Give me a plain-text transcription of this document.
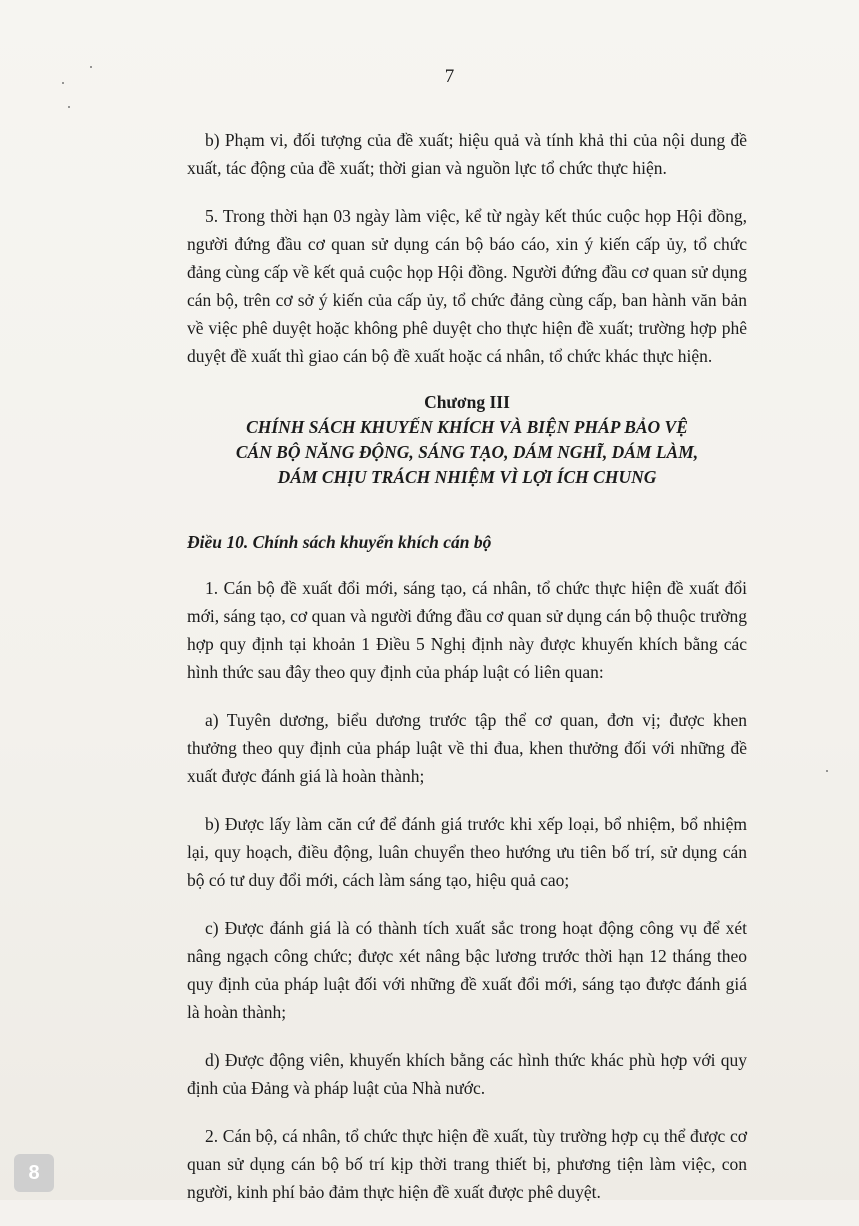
7

b) Phạm vi, đối tượng của đề xuất; hiệu quả và tính khả thi của nội dung đề xuất, tác động của đề xuất; thời gian và nguồn lực tổ chức thực hiện.

5. Trong thời hạn 03 ngày làm việc, kể từ ngày kết thúc cuộc họp Hội đồng, người đứng đầu cơ quan sử dụng cán bộ báo cáo, xin ý kiến cấp ủy, tổ chức đảng cùng cấp về kết quả cuộc họp Hội đồng. Người đứng đầu cơ quan sử dụng cán bộ, trên cơ sở ý kiến của cấp ủy, tổ chức đảng cùng cấp, ban hành văn bản về việc phê duyệt hoặc không phê duyệt cho thực hiện đề xuất; trường hợp phê duyệt đề xuất thì giao cán bộ đề xuất hoặc cá nhân, tổ chức khác thực hiện.

Chương III
CHÍNH SÁCH KHUYẾN KHÍCH VÀ BIỆN PHÁP BẢO VỆ
CÁN BỘ NĂNG ĐỘNG, SÁNG TẠO, DÁM NGHĨ, DÁM LÀM,
DÁM CHỊU TRÁCH NHIỆM VÌ LỢI ÍCH CHUNG
Điều 10. Chính sách khuyến khích cán bộ

1. Cán bộ đề xuất đổi mới, sáng tạo, cá nhân, tổ chức thực hiện đề xuất đổi mới, sáng tạo, cơ quan và người đứng đầu cơ quan sử dụng cán bộ thuộc trường hợp quy định tại khoản 1 Điều 5 Nghị định này được khuyến khích bằng các hình thức sau đây theo quy định của pháp luật có liên quan:

a) Tuyên dương, biểu dương trước tập thể cơ quan, đơn vị; được khen thưởng theo quy định của pháp luật về thi đua, khen thưởng đối với những đề xuất được đánh giá là hoàn thành;

b) Được lấy làm căn cứ để đánh giá trước khi xếp loại, bổ nhiệm, bổ nhiệm lại, quy hoạch, điều động, luân chuyển theo hướng ưu tiên bố trí, sử dụng cán bộ có tư duy đổi mới, cách làm sáng tạo, hiệu quả cao;

c) Được đánh giá là có thành tích xuất sắc trong hoạt động công vụ để xét nâng ngạch công chức; được xét nâng bậc lương trước thời hạn 12 tháng theo quy định của pháp luật đối với những đề xuất đổi mới, sáng tạo được đánh giá là hoàn thành;

d) Được động viên, khuyến khích bằng các hình thức khác phù hợp với quy định của Đảng và pháp luật của Nhà nước.

2. Cán bộ, cá nhân, tổ chức thực hiện đề xuất, tùy trường hợp cụ thể được cơ quan sử dụng cán bộ bố trí kịp thời trang thiết bị, phương tiện làm việc, con người, kinh phí bảo đảm thực hiện đề xuất được phê duyệt.

8
